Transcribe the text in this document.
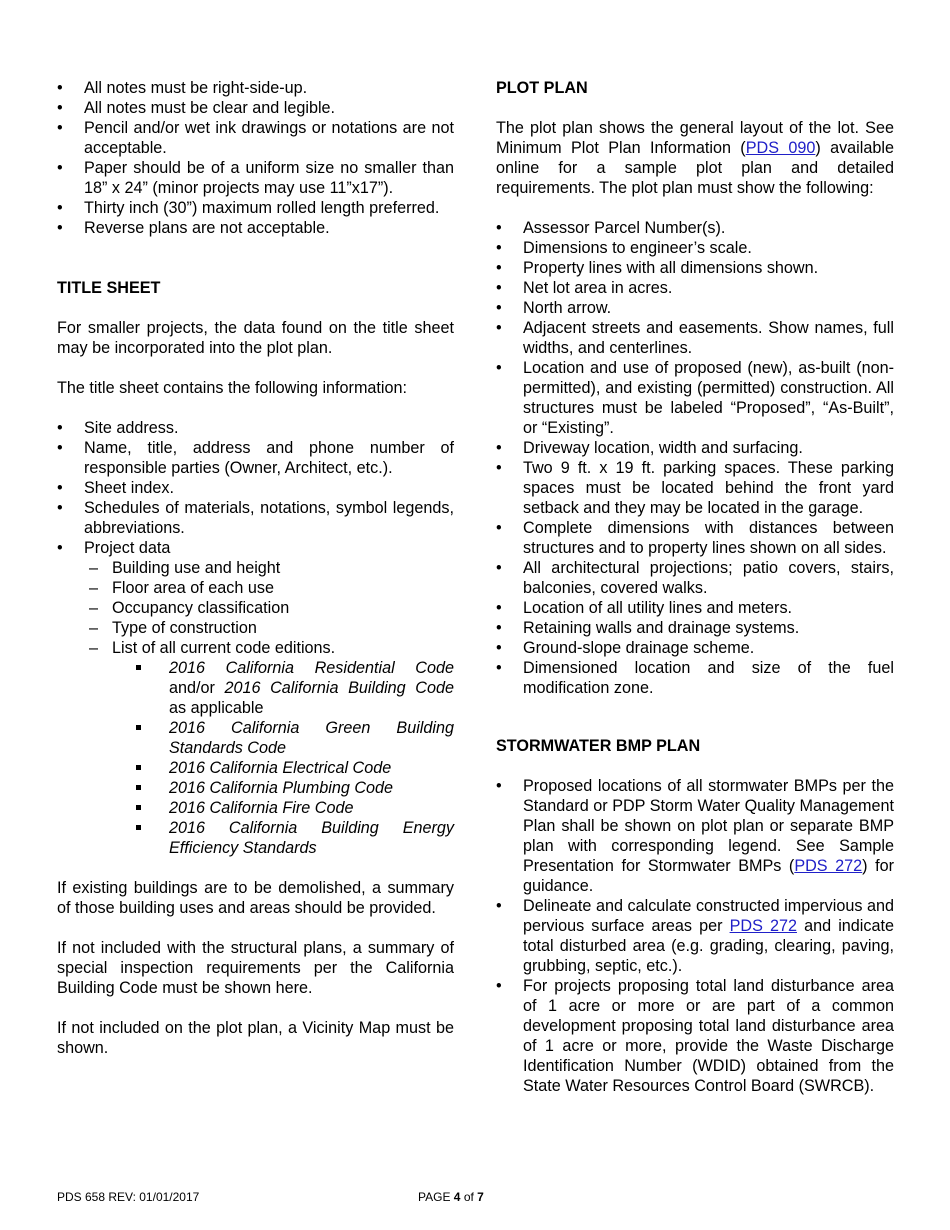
• All notes must be right-side-up.
• All notes must be clear and legible.
• Pencil and/or wet ink drawings or notations are not acceptable.
• Paper should be of a uniform size no smaller than 18” x 24” (minor projects may use 11”x17”).
• Thirty inch (30”) maximum rolled length preferred.
• Reverse plans are not acceptable.
TITLE SHEET

For smaller projects, the data found on the title sheet may be incorporated into the plot plan.

The title sheet contains the following information:

• Site address.
• Name, title, address and phone number of responsible parties (Owner, Architect, etc.).
• Sheet index.
• Schedules of materials, notations, symbol legends, abbreviations.
• Project data
– Building use and height
– Floor area of each use
– Occupancy classification
– Type of construction
– List of all current code editions.
2016 California Residential Code and/or 2016 California Building Code as applicable
2016 California Green Building Standards Code
2016 California Electrical Code
2016 California Plumbing Code
2016 California Fire Code
2016 California Building Energy Efficiency Standards

If existing buildings are to be demolished, a summary of those building uses and areas should be provided.

If not included with the structural plans, a summary of special inspection requirements per the California Building Code must be shown here.

If not included on the plot plan, a Vicinity Map must be shown.

PLOT PLAN

The plot plan shows the general layout of the lot. See Minimum Plot Plan Information (PDS 090) available online for a sample plot plan and detailed requirements. The plot plan must show the following:

• Assessor Parcel Number(s).
• Dimensions to engineer’s scale.
• Property lines with all dimensions shown.
• Net lot area in acres.
• North arrow.
• Adjacent streets and easements. Show names, full widths, and centerlines.
• Location and use of proposed (new), as-built (non-permitted), and existing (permitted) construction. All structures must be labeled “Proposed”, “As-Built”, or “Existing”.
• Driveway location, width and surfacing.
• Two 9 ft. x 19 ft. parking spaces. These parking spaces must be located behind the front yard setback and they may be located in the garage.
• Complete dimensions with distances between structures and to property lines shown on all sides.
• All architectural projections; patio covers, stairs, balconies, covered walks.
• Location of all utility lines and meters.
• Retaining walls and drainage systems.
• Ground-slope drainage scheme.
• Dimensioned location and size of the fuel modification zone.
STORMWATER BMP PLAN
• Proposed locations of all stormwater BMPs per the Standard or PDP Storm Water Quality Management Plan shall be shown on plot plan or separate BMP plan with corresponding legend. See Sample Presentation for Stormwater BMPs (PDS 272) for guidance.
• Delineate and calculate constructed impervious and pervious surface areas per PDS 272 and indicate total disturbed area (e.g. grading, clearing, paving, grubbing, septic, etc.).
• For projects proposing total land disturbance area of 1 acre or more or are part of a common development proposing total land disturbance area of 1 acre or more, provide the Waste Discharge Identification Number (WDID) obtained from the State Water Resources Control Board (SWRCB).
PDS 658 REV: 01/01/2017	PAGE 4 of 7
